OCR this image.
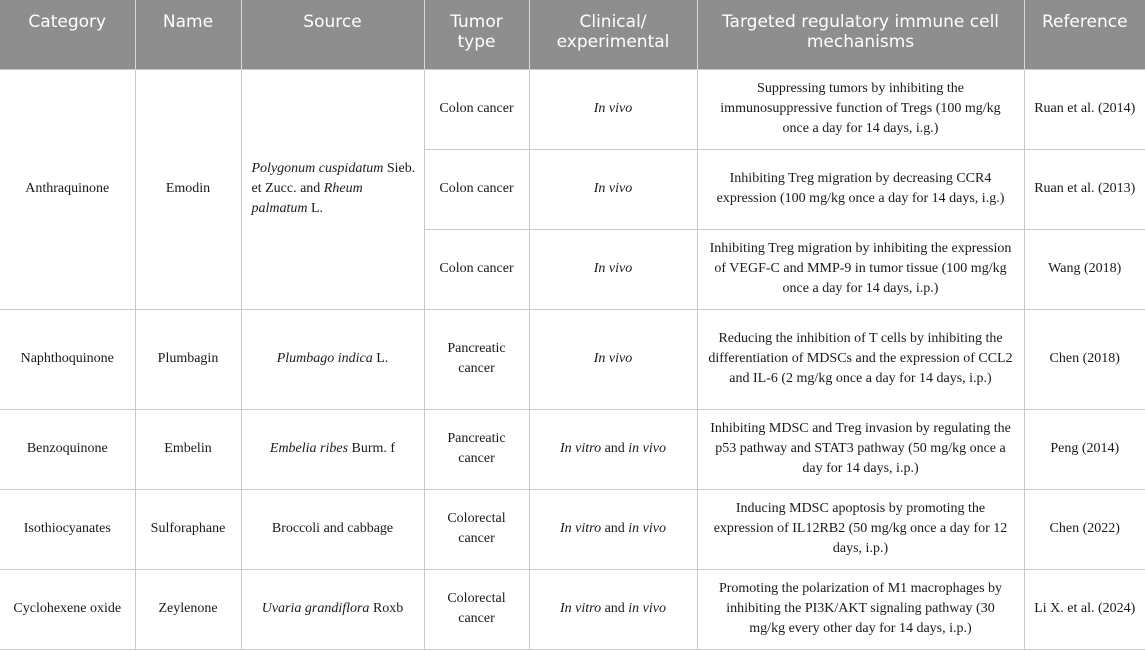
Category	Name	Source	Tumor type	Clinical/ experimental	Targeted regulatory immune cell mechanisms	Reference
Anthraquinone	Emodin	Polygonum cuspidatum Sieb. et Zucc. and Rheum palmatum L.	Colon cancer	In vivo	Suppressing tumors by inhibiting the immunosuppressive function of Tregs (100 mg/kg once a day for 14 days, i.g.)	Ruan et al. (2014)
			Colon cancer	In vivo	Inhibiting Treg migration by decreasing CCR4 expression (100 mg/kg once a day for 14 days, i.g.)	Ruan et al. (2013)
			Colon cancer	In vivo	Inhibiting Treg migration by inhibiting the expression of VEGF-C and MMP-9 in tumor tissue (100 mg/kg once a day for 14 days, i.p.)	Wang (2018)
Naphthoquinone	Plumbagin	Plumbago indica L.	Pancreatic cancer	In vivo	Reducing the inhibition of T cells by inhibiting the differentiation of MDSCs and the expression of CCL2 and IL-6 (2 mg/kg once a day for 14 days, i.p.)	Chen (2018)
Benzoquinone	Embelin	Embelia ribes Burm. f	Pancreatic cancer	In vitro and in vivo	Inhibiting MDSC and Treg invasion by regulating the p53 pathway and STAT3 pathway (50 mg/kg once a day for 14 days, i.p.)	Peng (2014)
Isothiocyanates	Sulforaphane	Broccoli and cabbage	Colorectal cancer	In vitro and in vivo	Inducing MDSC apoptosis by promoting the expression of IL12RB2 (50 mg/kg once a day for 12 days, i.p.)	Chen (2022)
Cyclohexene oxide	Zeylenone	Uvaria grandiflora Roxb	Colorectal cancer	In vitro and in vivo	Promoting the polarization of M1 macrophages by inhibiting the PI3K/AKT signaling pathway (30 mg/kg every other day for 14 days, i.p.)	Li X. et al. (2024)
